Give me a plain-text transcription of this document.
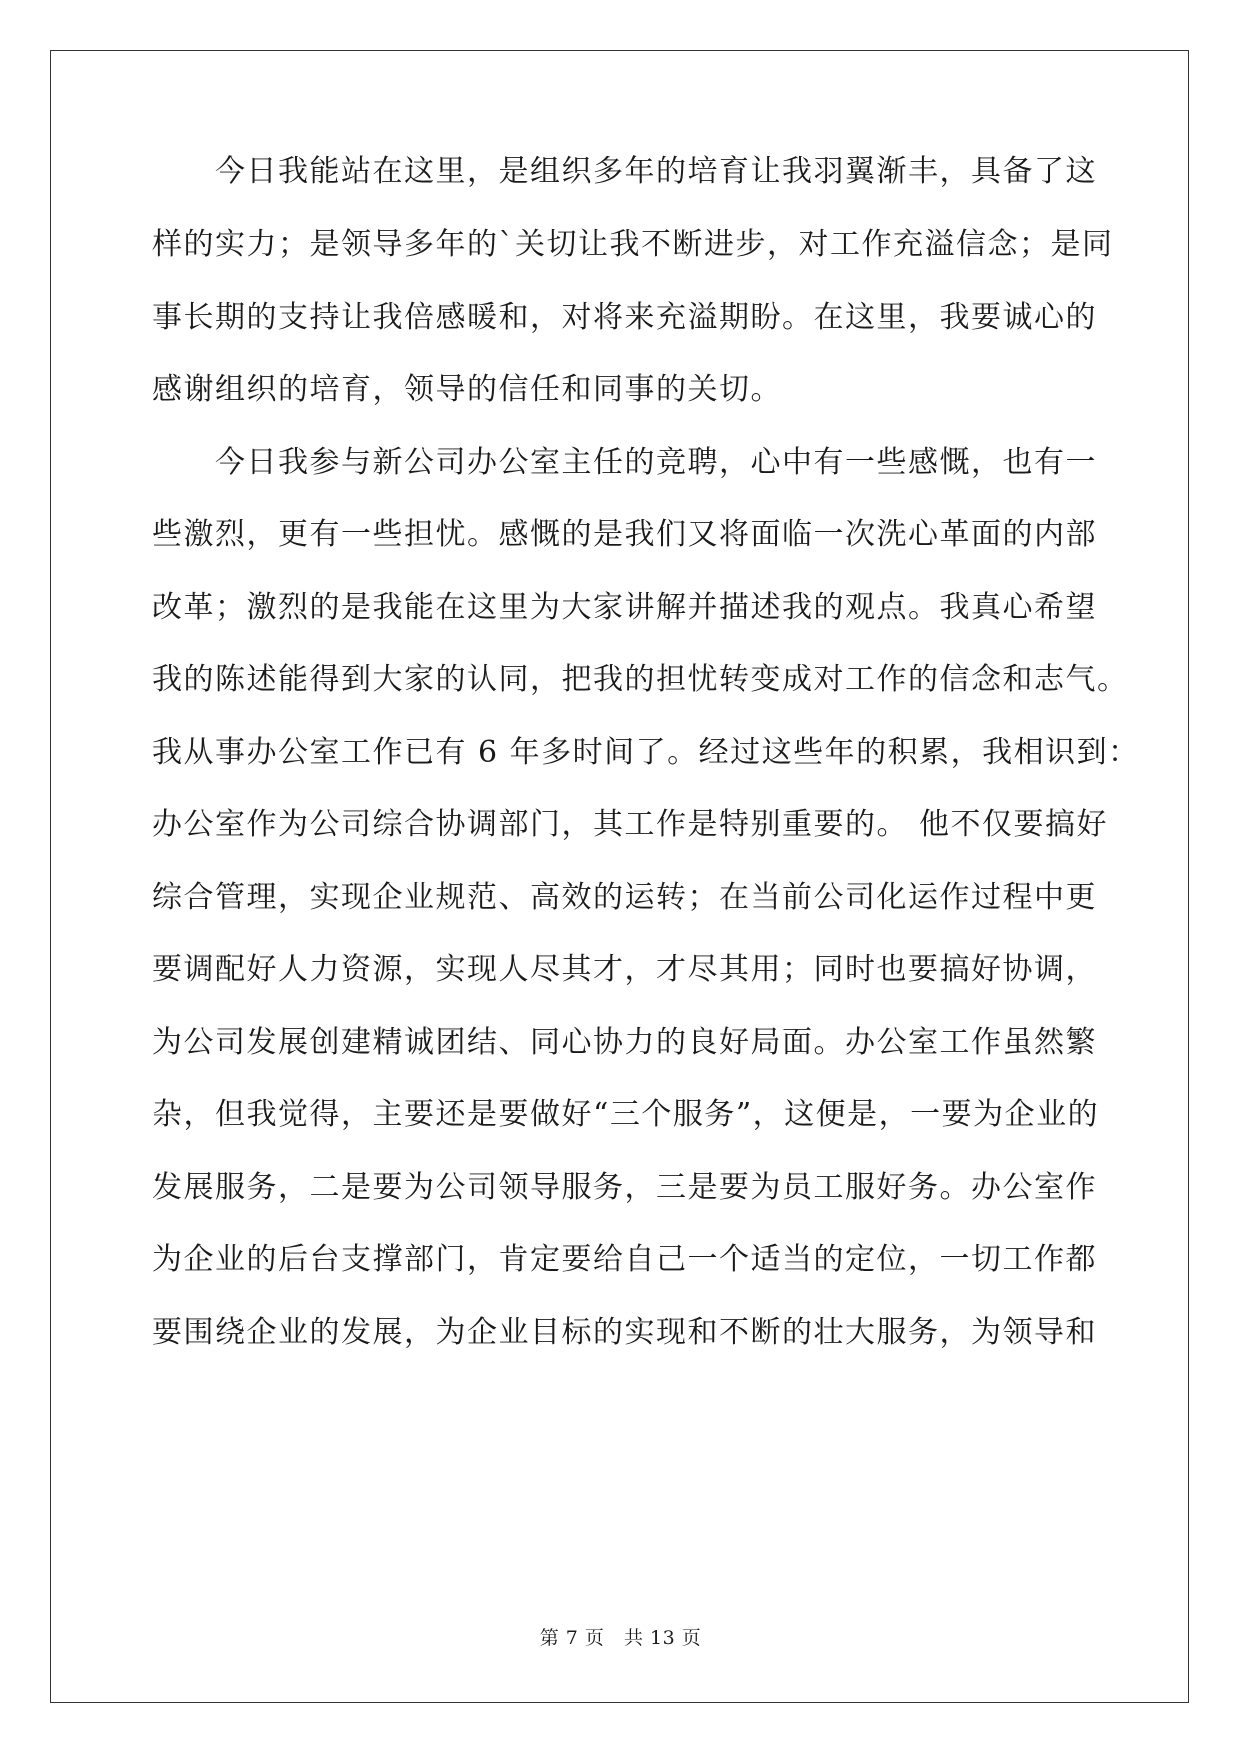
　　今日我能站在这里，是组织多年的培育让我羽翼渐丰，具备了这
样的实力；是领导多年的`关切让我不断进步，对工作充溢信念；是同
事长期的支持让我倍感暖和，对将来充溢期盼。在这里，我要诚心的
感谢组织的培育，领导的信任和同事的关切。
　　今日我参与新公司办公室主任的竞聘，心中有一些感慨，也有一
些激烈，更有一些担忧。感慨的是我们又将面临一次洗心革面的内部
改革；激烈的是我能在这里为大家讲解并描述我的观点。我真心希望
我的陈述能得到大家的认同，把我的担忧转变成对工作的信念和志气。
我从事办公室工作已有 6 年多时间了。经过这些年的积累，我相识到：
办公室作为公司综合协调部门，其工作是特别重要的。 他不仅要搞好
综合管理，实现企业规范、高效的运转；在当前公司化运作过程中更
要调配好人力资源，实现人尽其才，才尽其用；同时也要搞好协调，
为公司发展创建精诚团结、同心协力的良好局面。办公室工作虽然繁
杂，但我觉得，主要还是要做好“三个服务”，这便是，一要为企业的
发展服务，二是要为公司领导服务，三是要为员工服好务。办公室作
为企业的后台支撑部门，肯定要给自己一个适当的定位，一切工作都
要围绕企业的发展，为企业目标的实现和不断的壮大服务，为领导和
第 7 页　 共 13 页
